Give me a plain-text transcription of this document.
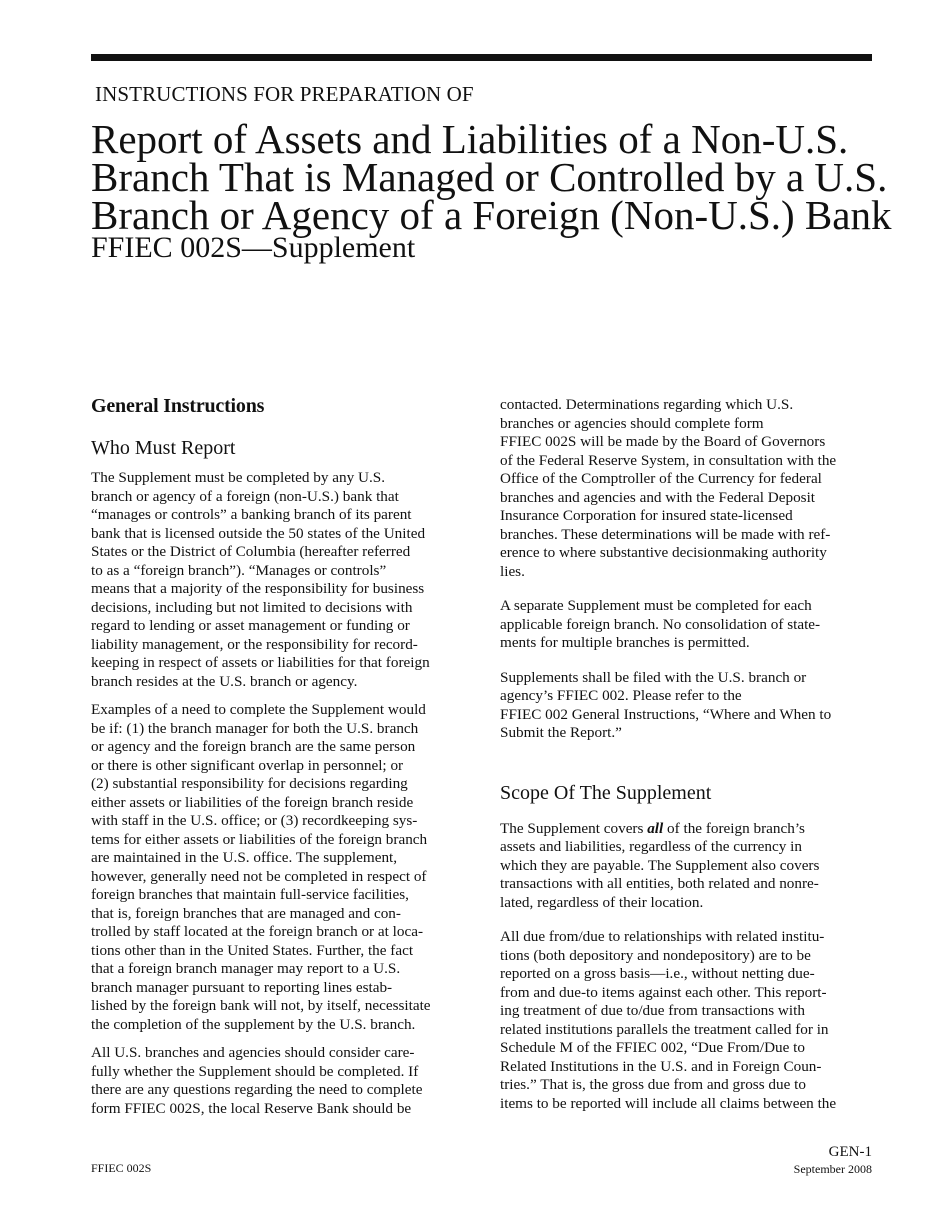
INSTRUCTIONS FOR PREPARATION OF
Report of Assets and Liabilities of a Non-U.S.
Branch That is Managed or Controlled by a U.S.
Branch or Agency of a Foreign (Non-U.S.) Bank
FFIEC 002S—Supplement
General Instructions
Who Must Report
The Supplement must be completed by any U.S.
branch or agency of a foreign (non-U.S.) bank that
“manages or controls” a banking branch of its parent
bank that is licensed outside the 50 states of the United
States or the District of Columbia (hereafter referred
to as a “foreign branch”). “Manages or controls”
means that a majority of the responsibility for business
decisions, including but not limited to decisions with
regard to lending or asset management or funding or
liability management, or the responsibility for record-
keeping in respect of assets or liabilities for that foreign
branch resides at the U.S. branch or agency.
Examples of a need to complete the Supplement would
be if: (1) the branch manager for both the U.S. branch
or agency and the foreign branch are the same person
or there is other significant overlap in personnel; or
(2) substantial responsibility for decisions regarding
either assets or liabilities of the foreign branch reside
with staff in the U.S. office; or (3) recordkeeping sys-
tems for either assets or liabilities of the foreign branch
are maintained in the U.S. office. The supplement,
however, generally need not be completed in respect of
foreign branches that maintain full-service facilities,
that is, foreign branches that are managed and con-
trolled by staff located at the foreign branch or at loca-
tions other than in the United States. Further, the fact
that a foreign branch manager may report to a U.S.
branch manager pursuant to reporting lines estab-
lished by the foreign bank will not, by itself, necessitate
the completion of the supplement by the U.S. branch.
All U.S. branches and agencies should consider care-
fully whether the Supplement should be completed. If
there are any questions regarding the need to complete
form FFIEC 002S, the local Reserve Bank should be
contacted. Determinations regarding which U.S.
branches or agencies should complete form
FFIEC 002S will be made by the Board of Governors
of the Federal Reserve System, in consultation with the
Office of the Comptroller of the Currency for federal
branches and agencies and with the Federal Deposit
Insurance Corporation for insured state-licensed
branches. These determinations will be made with ref-
erence to where substantive decisionmaking authority
lies.
A separate Supplement must be completed for each
applicable foreign branch. No consolidation of state-
ments for multiple branches is permitted.
Supplements shall be filed with the U.S. branch or
agency’s FFIEC 002. Please refer to the
FFIEC 002 General Instructions, “Where and When to
Submit the Report.”
Scope Of The Supplement
The Supplement covers all of the foreign branch’s
assets and liabilities, regardless of the currency in
which they are payable. The Supplement also covers
transactions with all entities, both related and nonre-
lated, regardless of their location.
All due from/due to relationships with related institu-
tions (both depository and nondepository) are to be
reported on a gross basis—i.e., without netting due-
from and due-to items against each other. This report-
ing treatment of due to/due from transactions with
related institutions parallels the treatment called for in
Schedule M of the FFIEC 002, “Due From/Due to
Related Institutions in the U.S. and in Foreign Coun-
tries.” That is, the gross due from and gross due to
items to be reported will include all claims between the
FFIEC 002S
GEN-1
September 2008
